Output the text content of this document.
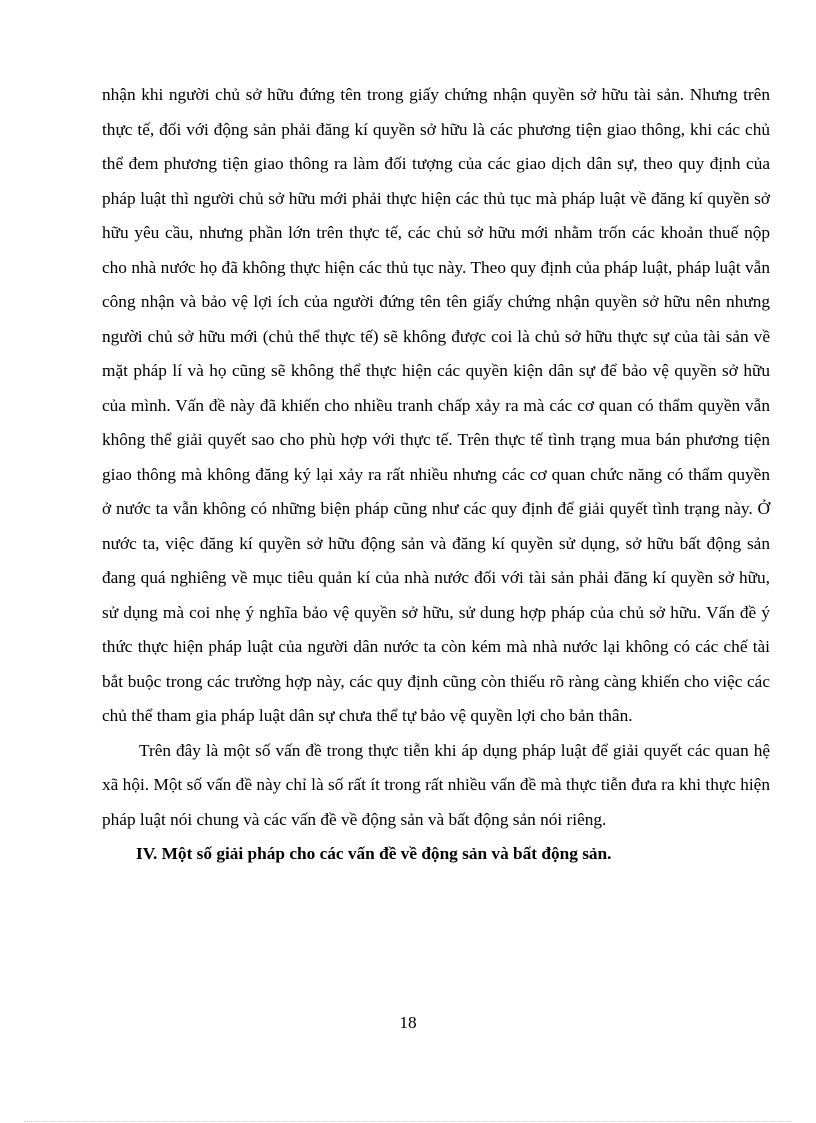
nhận khi người chủ sở hữu đứng tên trong giấy chứng nhận quyền sở hữu tài sản. Nhưng trên thực tế, đối với động sản phải đăng kí quyền sở hữu là các phương tiện giao thông, khi các chủ thể đem phương tiện giao thông ra làm đối tượng của các giao dịch dân sự, theo quy định của pháp luật thì người chủ sở hữu mới phải thực hiện các thủ tục mà pháp luật về đăng kí quyền sở hữu yêu cầu, nhưng phần lớn trên thực tế, các chủ sở hữu mới nhằm trốn các khoản thuế nộp cho nhà nước họ đã không thực hiện các thủ tục này. Theo quy định của pháp luật, pháp luật vẫn công nhận và bảo vệ lợi ích của người đứng tên tên giấy chứng nhận quyền sở hữu nên nhưng người chủ sở hữu mới (chủ thể thực tế) sẽ không được coi là chủ sở hữu thực sự của tài sản về mặt pháp lí và họ cũng sẽ không thể thực hiện các quyền kiện dân sự để bảo vệ quyền sở hữu của mình. Vấn đề này đã khiến cho nhiều tranh chấp xảy ra mà các cơ quan có thẩm quyền vẫn không thể giải quyết sao cho phù hợp với thực tế. Trên thực tế tình trạng mua bán phương tiện giao thông mà không đăng ký lại xảy ra rất nhiều nhưng các cơ quan chức năng có thẩm quyền ở nước ta vẫn không có những biện pháp cũng như các quy định để giải quyết tình trạng này. Ở nước ta, việc đăng kí quyền sở hữu động sản và đăng kí quyền sử dụng, sở hữu bất động sản đang quá nghiêng về mục tiêu quản kí của nhà nước đối với tài sản phải đăng kí quyền sở hữu, sử dụng mà coi nhẹ ý nghĩa bảo vệ quyền sở hữu, sử dung hợp pháp của chủ sở hữu. Vấn đề ý thức thực hiện pháp luật của người dân nước ta còn kém mà nhà nước lại không có các chế tài bắt buộc trong các trường hợp này, các quy định cũng còn thiếu rõ ràng càng khiến cho việc các chủ thể tham gia pháp luật dân sự chưa thể tự bảo vệ quyền lợi cho bản thân.

Trên đây là một số vấn đề trong thực tiễn khi áp dụng pháp luật để giải quyết các quan hệ xã hội. Một số vấn đề này chỉ là số rất ít trong rất nhiều vấn đề mà thực tiễn đưa ra khi thực hiện pháp luật nói chung và các vấn đề về động sản và bất động sản nói riêng.

IV. Một số giải pháp cho các vấn đề về động sản và bất động sản.

18
